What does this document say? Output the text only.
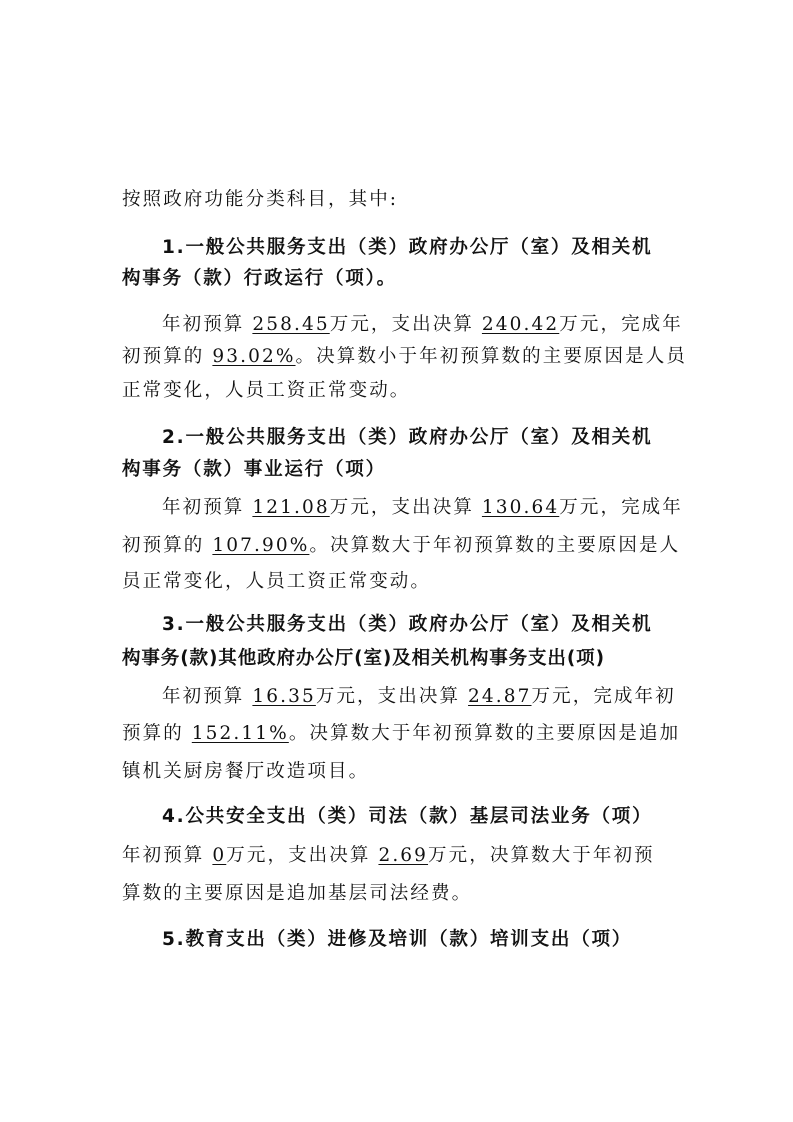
按照政府功能分类科目，其中:
1.一般公共服务支出（类）政府办公厅（室）及相关机
构事务（款）行政运行（项）。
年初预算 258.45万元，支出决算 240.42万元，完成年
初预算的 93.02%。决算数小于年初预算数的主要原因是人员
正常变化，人员工资正常变动。
2.一般公共服务支出（类）政府办公厅（室）及相关机
构事务（款）事业运行（项）
年初预算 121.08万元，支出决算 130.64万元，完成年
初预算的 107.90%。决算数大于年初预算数的主要原因是人
员正常变化，人员工资正常变动。
3.一般公共服务支出（类）政府办公厅（室）及相关机
构事务(款)其他政府办公厅(室)及相关机构事务支出(项)
年初预算 16.35万元，支出决算 24.87万元，完成年初
预算的 152.11%。决算数大于年初预算数的主要原因是追加
镇机关厨房餐厅改造项目。
4.公共安全支出（类）司法（款）基层司法业务（项）
年初预算 0万元，支出决算 2.69万元，决算数大于年初预
算数的主要原因是追加基层司法经费。
5.教育支出（类）进修及培训（款）培训支出（项）
